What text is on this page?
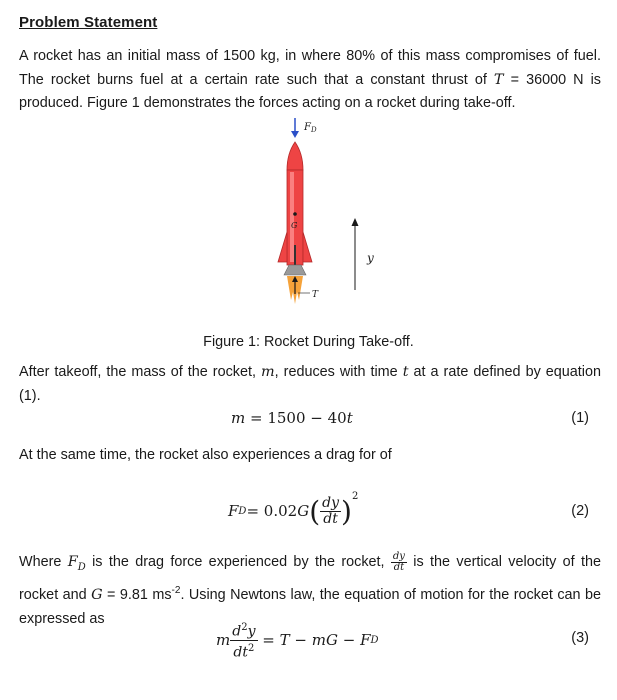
Problem Statement
A rocket has an initial mass of 1500 kg, in where 80% of this mass compromises of fuel. The rocket burns fuel at a certain rate such that a constant thrust of T = 36000 N is produced. Figure 1 demonstrates the forces acting on a rocket during take-off.
F D
G
T
y
Figure 1: Rocket During Take-off.
After takeoff, the mass of the rocket, m, reduces with time t at a rate defined by equation (1).
m = 1500 − 40t	(1)
At the same time, the rocket also experiences a drag for of
F D = 0.02 G ( $\frac{dy}{dt}$ ) 2
(2)
Where $F_D$ is the drag force experienced by the rocket, $\frac{dy}{dt}$ is the vertical velocity of the rocket and G = 9.81 $ms^{-2}$. Using Newtons law, the equation of motion for the rocket can be expressed as
m $\frac{d^2y}{dt^2} = T$ − mG − F D	(3)
